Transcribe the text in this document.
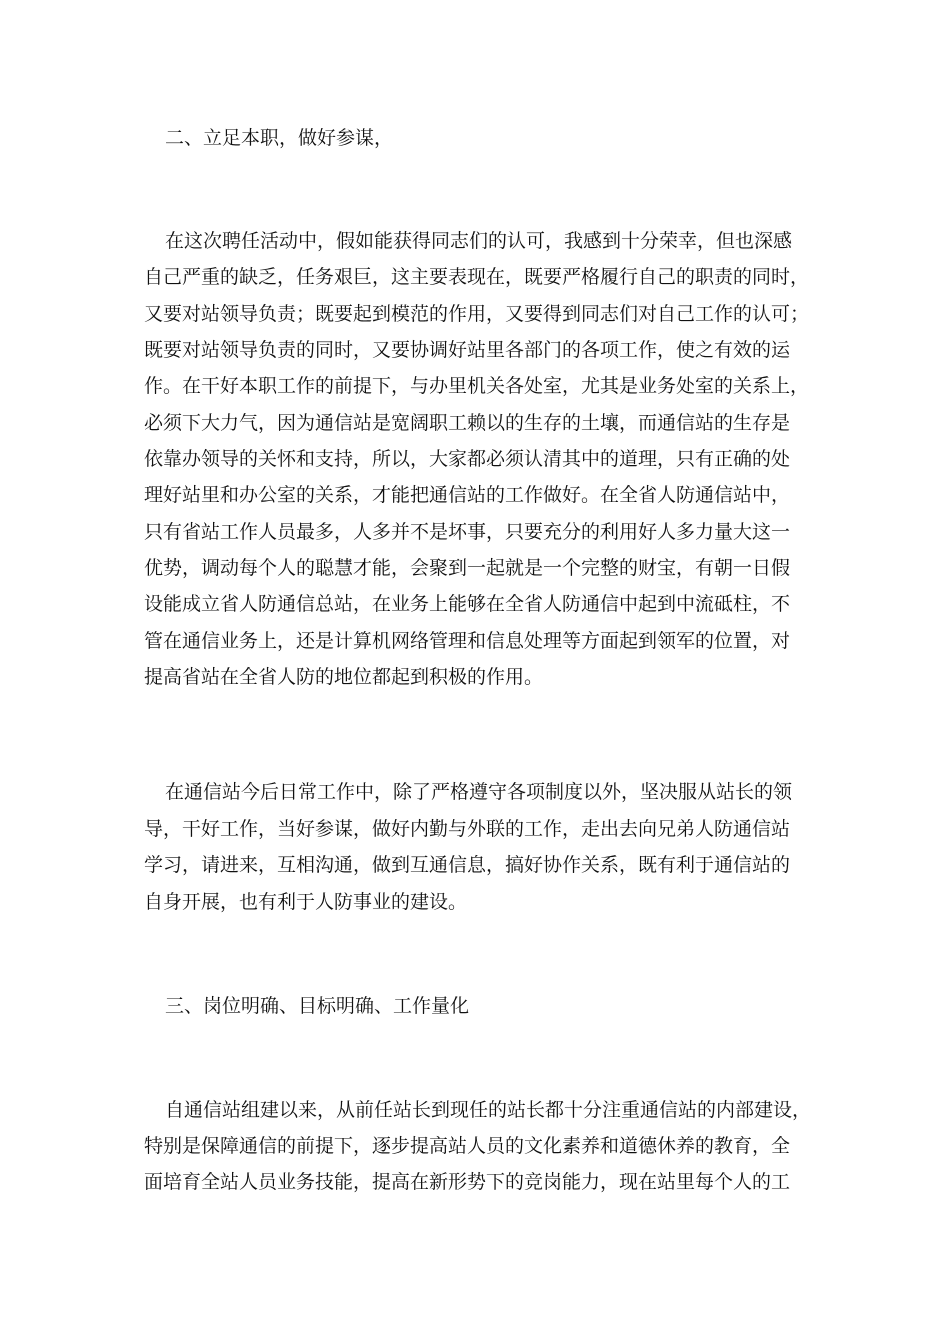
二、立足本职，做好参谋，
在这次聘任活动中，假如能获得同志们的认可，我感到十分荣幸，但也深感
自己严重的缺乏，任务艰巨，这主要表现在，既要严格履行自己的职责的同时，
又要对站领导负责；既要起到模范的作用，又要得到同志们对自己工作的认可；
既要对站领导负责的同时，又要协调好站里各部门的各项工作，使之有效的运
作。在干好本职工作的前提下，与办里机关各处室，尤其是业务处室的关系上，
必须下大力气，因为通信站是宽阔职工赖以的生存的土壤，而通信站的生存是
依靠办领导的关怀和支持，所以，大家都必须认清其中的道理，只有正确的处
理好站里和办公室的关系，才能把通信站的工作做好。在全省人防通信站中，
只有省站工作人员最多，人多并不是坏事，只要充分的利用好人多力量大这一
优势，调动每个人的聪慧才能，会聚到一起就是一个完整的财宝，有朝一日假
设能成立省人防通信总站，在业务上能够在全省人防通信中起到中流砥柱，不
管在通信业务上，还是计算机网络管理和信息处理等方面起到领军的位置，对
提高省站在全省人防的地位都起到积极的作用。
在通信站今后日常工作中，除了严格遵守各项制度以外，坚决服从站长的领
导，干好工作，当好参谋，做好内勤与外联的工作，走出去向兄弟人防通信站
学习，请进来，互相沟通，做到互通信息，搞好协作关系，既有利于通信站的
自身开展，也有利于人防事业的建设。
三、岗位明确、目标明确、工作量化
自通信站组建以来，从前任站长到现任的站长都十分注重通信站的内部建设，
特别是保障通信的前提下，逐步提高站人员的文化素养和道德休养的教育，全
面培育全站人员业务技能，提高在新形势下的竞岗能力，现在站里每个人的工
